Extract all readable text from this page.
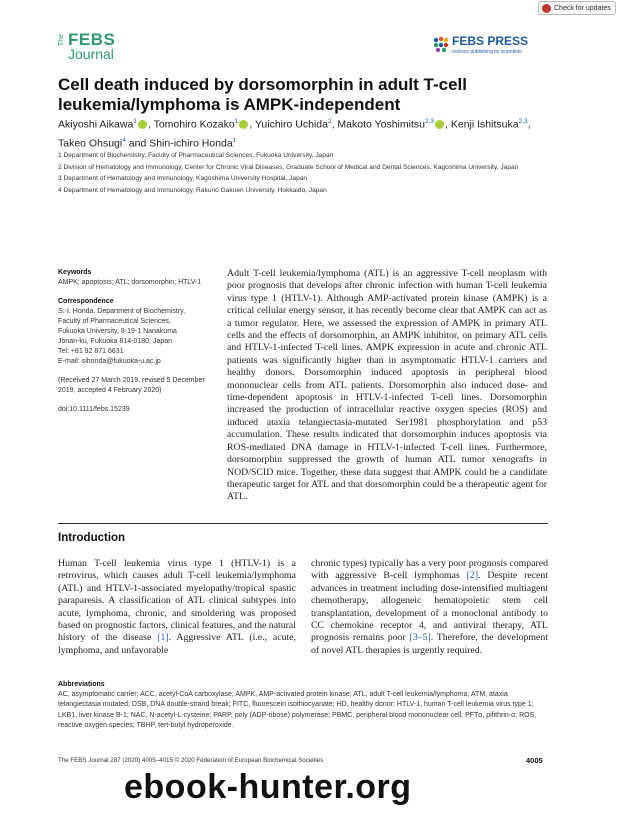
Check for updates
The FEBS
Journal
FEBS PRESS
science publishing by scientists
Cell death induced by dorsomorphin in adult T-cell leukemia/lymphoma is AMPK-independent
Akiyoshi Aikawa$^1$ , Tomohiro Kozako$^1$ , Yuichiro Uchida$^2$, Makoto Yoshimitsu$^{2,3}$ , Kenji Ishitsuka$^{2,3}$, Takeo Ohsugi$^4$ and Shin-ichiro Honda$^1$
1 Department of Biochemistry, Faculty of Pharmaceutical Sciences, Fukuoka University, Japan
2 Division of Hematology and Immunology, Center for Chronic Viral Diseases, Graduate School of Medical and Dental Sciences, Kagoshima University, Japan
3 Department of Hematology and Immunology, Kagoshima University Hospital, Japan
4 Department of Hematology and Immunology, Rakuno Gakuen University, Hokkaido, Japan
Keywords
AMPK; apoptosis; ATL; dorsomorphin; HTLV-1
Correspondence
S.-I. Honda, Department of Biochemistry,
Faculty of Pharmaceutical Sciences,
Fukuoka University, 8-19-1 Nanakuma
Jonan-ku, Fukuoka 814-0180, Japan
Tel: +81 92 871 6631
E-mail: sihonda@fukuoka-u.ac.jp
(Received 27 March 2019, revised 5 December 2019, accepted 4 February 2020)
doi:10.1111/febs.15239
Adult T-cell leukemia/lymphoma (ATL) is an aggressive T-cell neoplasm with poor prognosis that develops after chronic infection with human T-cell leukemia virus type 1 (HTLV-1). Although AMP-activated protein kinase (AMPK) is a critical cellular energy sensor, it has recently become clear that AMPK can act as a tumor regulator. Here, we assessed the expression of AMPK in primary ATL cells and the effects of dorsomorphin, an AMPK inhibitor, on primary ATL cells and HTLV-1-infected T-cell lines. AMPK expression in acute and chronic ATL patients was significantly higher than in asymptomatic HTLV-1 carriers and healthy donors. Dorsomorphin induced apoptosis in peripheral blood mononuclear cells from ATL patients. Dorsomorphin also induced dose- and time-dependent apoptosis in HTLV-1-infected T-cell lines. Dorsomorphin increased the production of intracellular reactive oxygen species (ROS) and induced ataxia telangiectasia-mutated Ser1981 phosphorylation and p53 accumulation. These results indicated that dorsomorphin induces apoptosis via ROS-mediated DNA damage in HTLV-1-infected T-cell lines. Furthermore, dorsomorphin suppressed the growth of human ATL tumor xenografts in NOD/SCID mice. Together, these data suggest that AMPK could be a candidate therapeutic target for ATL and that dorsomorphin could be a therapeutic agent for ATL.
Introduction
Human T-cell leukemia virus type 1 (HTLV-1) is a retrovirus, which causes adult T-cell leukemia/lymphoma (ATL) and HTLV-1-associated myelopathy/tropical spastic paraparesis. A classification of ATL clinical subtypes into acute, lymphoma, chronic, and smoldering was proposed based on prognostic factors, clinical features, and the natural history of the disease [1]. Aggressive ATL (i.e., acute, lymphoma, and unfavorable
chronic types) typically has a very poor prognosis compared with aggressive B-cell lymphomas [2]. Despite recent advances in treatment including dose-intensified multiagent chemotherapy, allogeneic hematopoietic stem cell transplantation, development of a monoclonal antibody to CC chemokine receptor 4, and antiviral therapy, ATL prognosis remains poor [3–5]. Therefore, the development of novel ATL therapies is urgently required.
Abbreviations
AC, asymptomatic carrier; ACC, acetyl-CoA carboxylase; AMPK, AMP-activated protein kinase; ATL, adult T-cell leukemia/lymphoma; ATM, ataxia telangiectasia mutated; DSB, DNA double-strand break; FITC, fluorescein isothiocyanate; HD, healthy donor; HTLV-1, human T-cell leukemia virus type 1; LKB1, liver kinase B-1; NAC, N-acetyl-L-cysteine; PARP, poly (ADP-ribose) polymerase; PBMC, peripheral blood mononuclear cell; PFTα, pifithrin-α; ROS, reactive oxygen species; TBHP, tert-butyl hydroperoxide.
The FEBS Journal 287 (2020) 4005–4015 © 2020 Federation of European Biochemical Societies	4005
ebook-hunter.org
